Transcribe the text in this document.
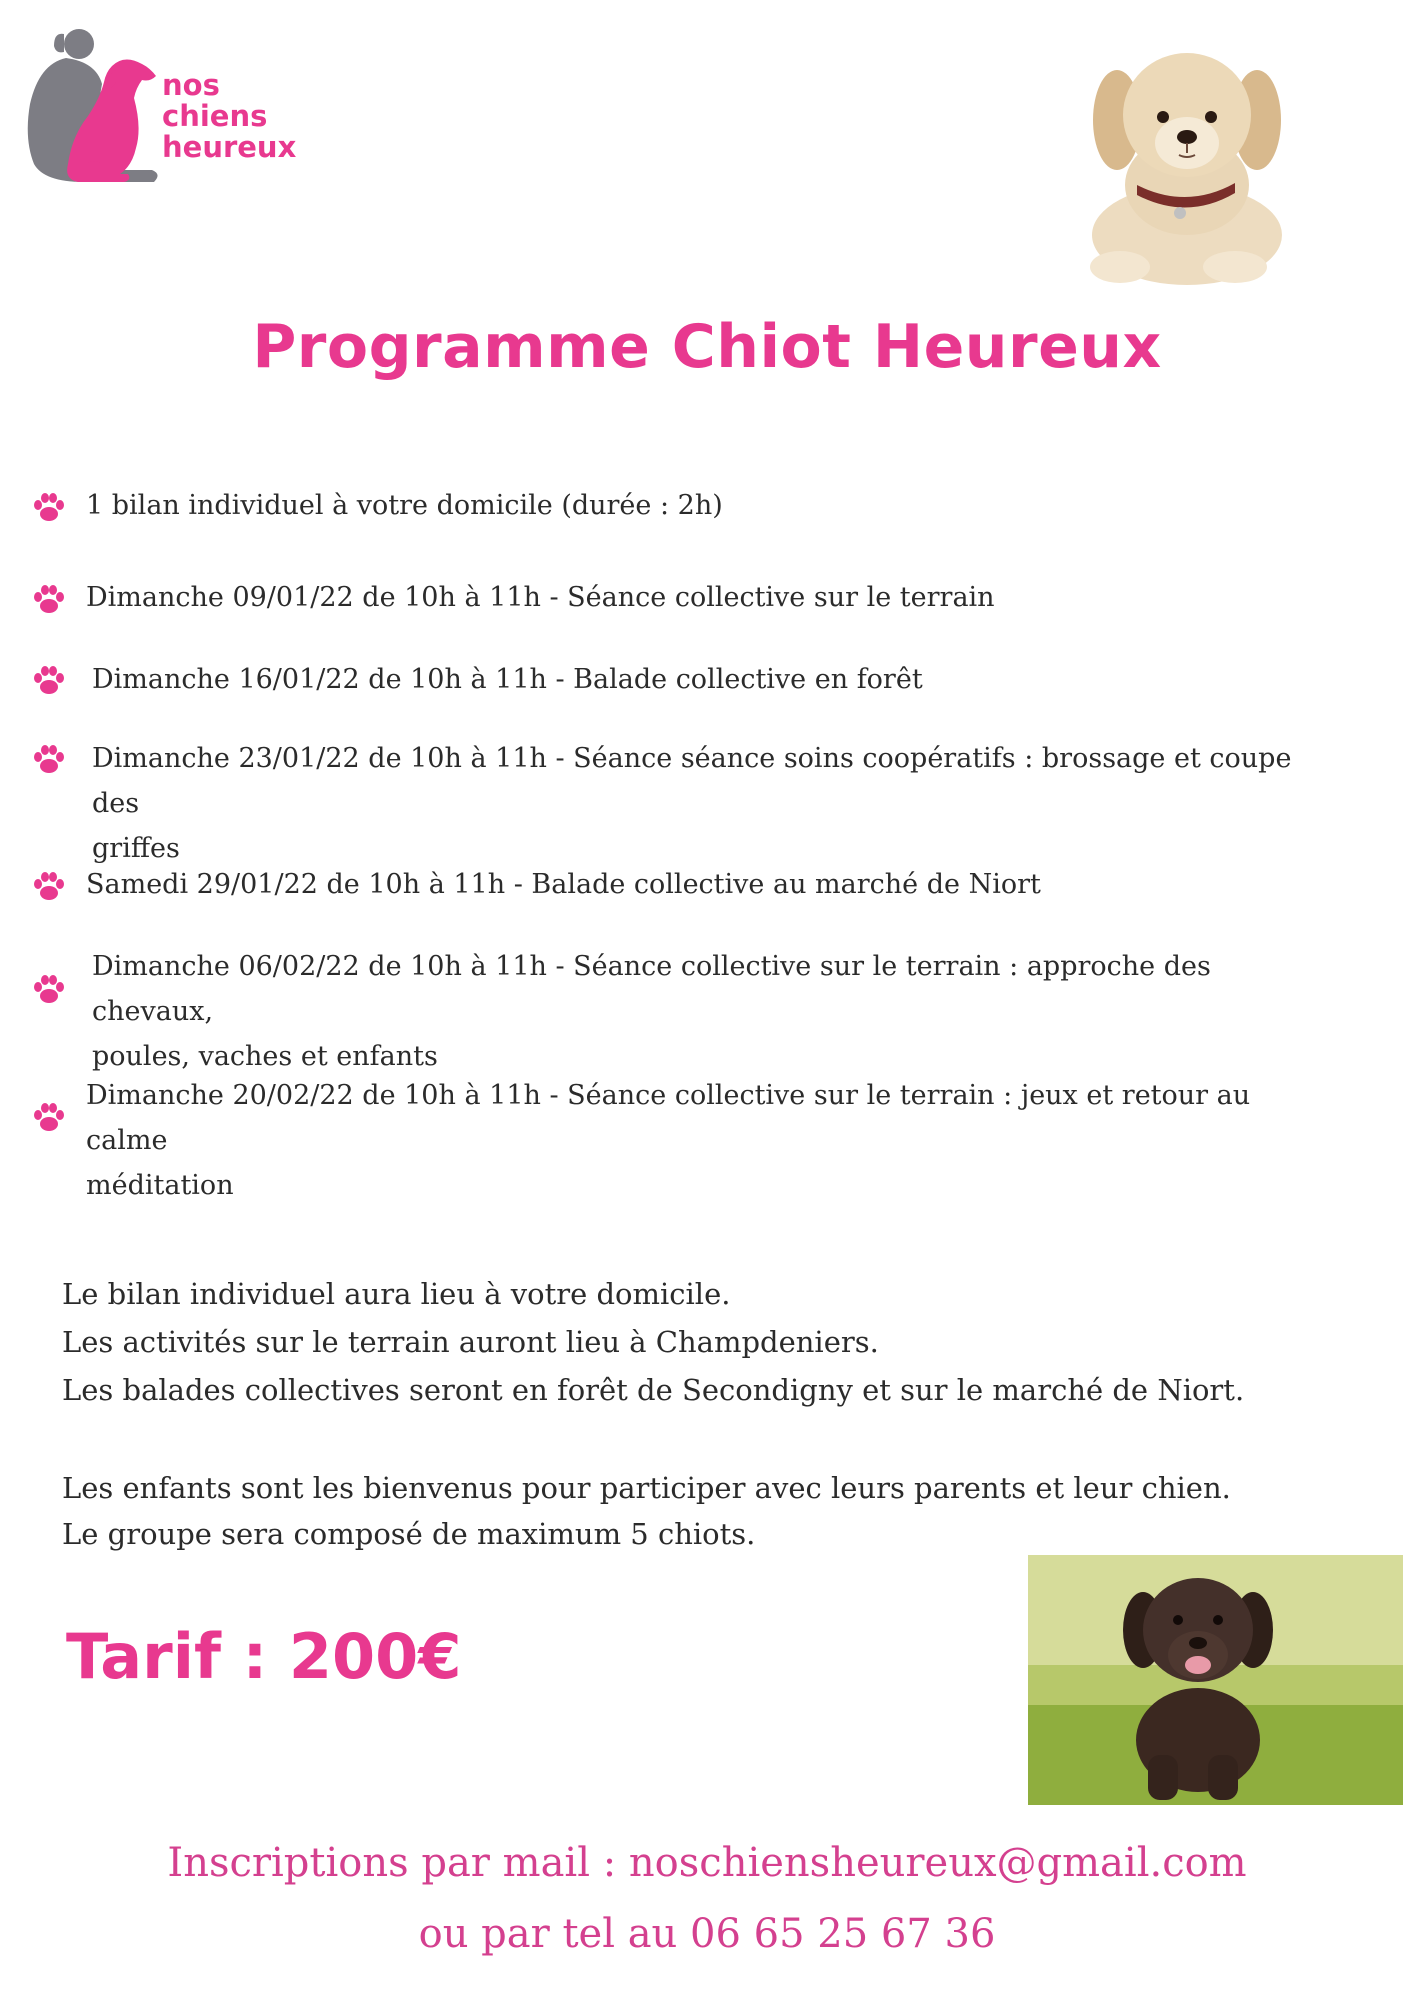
nos
chiens
heureux
Programme Chiot Heureux
1 bilan individuel à votre domicile (durée : 2h)
Dimanche 09/01/22 de 10h à 11h - Séance collective sur le terrain
Dimanche 16/01/22 de 10h à 11h - Balade collective en forêt
Dimanche 23/01/22 de 10h à 11h - Séance séance soins coopératifs : brossage et coupe des
griffes
Samedi 29/01/22 de 10h à 11h - Balade collective au marché de Niort
Dimanche 06/02/22 de 10h à 11h - Séance collective sur le terrain : approche des chevaux,
poules, vaches et enfants
Dimanche 20/02/22 de 10h à 11h - Séance collective sur le terrain : jeux et retour au calme
méditation
Le bilan individuel aura lieu à votre domicile.
Les activités sur le terrain auront lieu à Champdeniers.
Les balades collectives seront en forêt de Secondigny et sur le marché de Niort.
Les enfants sont les bienvenus pour participer avec leurs parents et leur chien.
Le groupe sera composé de maximum 5 chiots.
Tarif : 200€
Inscriptions par mail : noschiensheureux@gmail.com
ou par tel au 06 65 25 67 36
